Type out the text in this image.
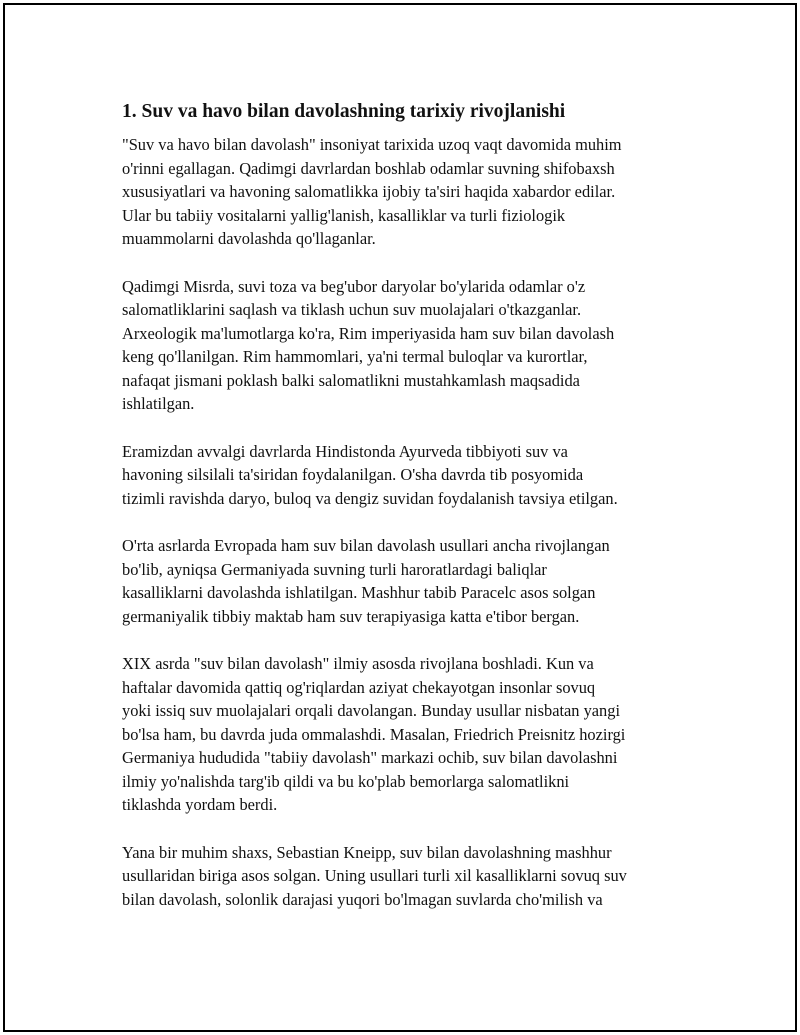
1. Suv va havo bilan davolashning tarixiy rivojlanishi
"Suv va havo bilan davolash" insoniyat tarixida uzoq vaqt davomida muhim
o'rinni egallagan. Qadimgi davrlardan boshlab odamlar suvning shifobaxsh
xususiyatlari va havoning salomatlikka ijobiy ta'siri haqida xabardor edilar.
Ular bu tabiiy vositalarni yallig'lanish, kasalliklar va turli fiziologik
muammolarni davolashda qo'llaganlar.
Qadimgi Misrda, suvi toza va beg'ubor daryolar bo'ylarida odamlar o'z
salomatliklarini saqlash va tiklash uchun suv muolajalari o'tkazganlar.
Arxeologik ma'lumotlarga ko'ra, Rim imperiyasida ham suv bilan davolash
keng qo'llanilgan. Rim hammomlari, ya'ni termal buloqlar va kurortlar,
nafaqat jismani poklash balki salomatlikni mustahkamlash maqsadida
ishlatilgan.
Eramizdan avvalgi davrlarda Hindistonda Ayurveda tibbiyoti suv va
havoning silsilali ta'siridan foydalanilgan. O'sha davrda tib posyomida
tizimli ravishda daryo, buloq va dengiz suvidan foydalanish tavsiya etilgan.
O'rta asrlarda Evropada ham suv bilan davolash usullari ancha rivojlangan
bo'lib, ayniqsa Germaniyada suvning turli haroratlardagi baliqlar
kasalliklarni davolashda ishlatilgan. Mashhur tabib Paracelc asos solgan
germaniyalik tibbiy maktab ham suv terapiyasiga katta e'tibor bergan.
XIX asrda "suv bilan davolash" ilmiy asosda rivojlana boshladi. Kun va
haftalar davomida qattiq og'riqlardan aziyat chekayotgan insonlar sovuq
yoki issiq suv muolajalari orqali davolangan. Bunday usullar nisbatan yangi
bo'lsa ham, bu davrda juda ommalashdi. Masalan, Friedrich Preisnitz hozirgi
Germaniya hududida "tabiiy davolash" markazi ochib, suv bilan davolashni
ilmiy yo'nalishda targ'ib qildi va bu ko'plab bemorlarga salomatlikni
tiklashda yordam berdi.
Yana bir muhim shaxs, Sebastian Kneipp, suv bilan davolashning mashhur
usullaridan biriga asos solgan. Uning usullari turli xil kasalliklarni sovuq suv
bilan davolash, solonlik darajasi yuqori bo'lmagan suvlarda cho'milish va
